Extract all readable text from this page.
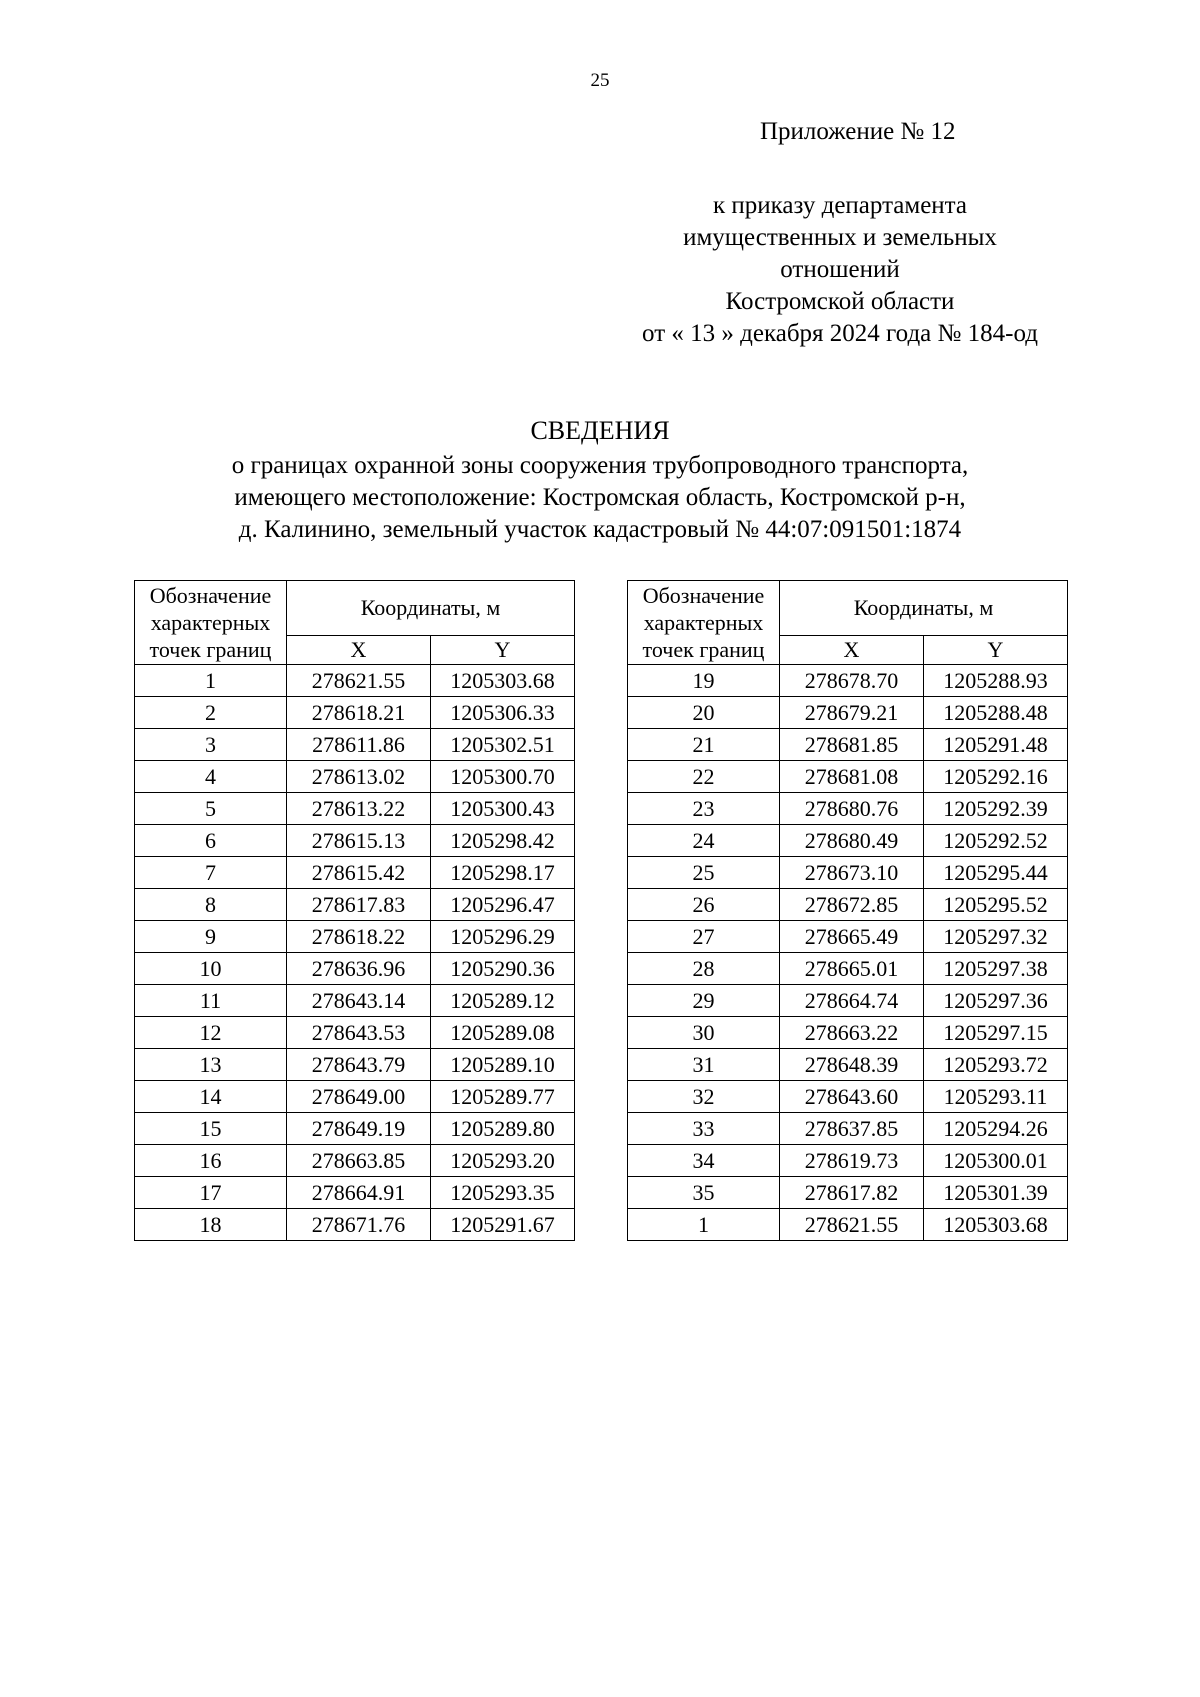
25
Приложение № 12
к приказу департамента
имущественных и земельных
отношений
Костромской области
от « 13 » декабря 2024 года № 184-од
СВЕДЕНИЯ
о границах охранной зоны сооружения трубопроводного транспорта,
имеющего местоположение: Костромская область, Костромской р-н,
д. Калинино, земельный участок кадастровый № 44:07:091501:1874
Обозначение
характерных
точек границ	Координаты, м	
	X	Y
1	278621.55	1205303.68
2	278618.21	1205306.33
3	278611.86	1205302.51
4	278613.02	1205300.70
5	278613.22	1205300.43
6	278615.13	1205298.42
7	278615.42	1205298.17
8	278617.83	1205296.47
9	278618.22	1205296.29
10	278636.96	1205290.36
11	278643.14	1205289.12
12	278643.53	1205289.08
13	278643.79	1205289.10
14	278649.00	1205289.77
15	278649.19	1205289.80
16	278663.85	1205293.20
17	278664.91	1205293.35
18	278671.76	1205291.67
Обозначение
характерных
точек границ	Координаты, м	
	X	Y
19	278678.70	1205288.93
20	278679.21	1205288.48
21	278681.85	1205291.48
22	278681.08	1205292.16
23	278680.76	1205292.39
24	278680.49	1205292.52
25	278673.10	1205295.44
26	278672.85	1205295.52
27	278665.49	1205297.32
28	278665.01	1205297.38
29	278664.74	1205297.36
30	278663.22	1205297.15
31	278648.39	1205293.72
32	278643.60	1205293.11
33	278637.85	1205294.26
34	278619.73	1205300.01
35	278617.82	1205301.39
1	278621.55	1205303.68
